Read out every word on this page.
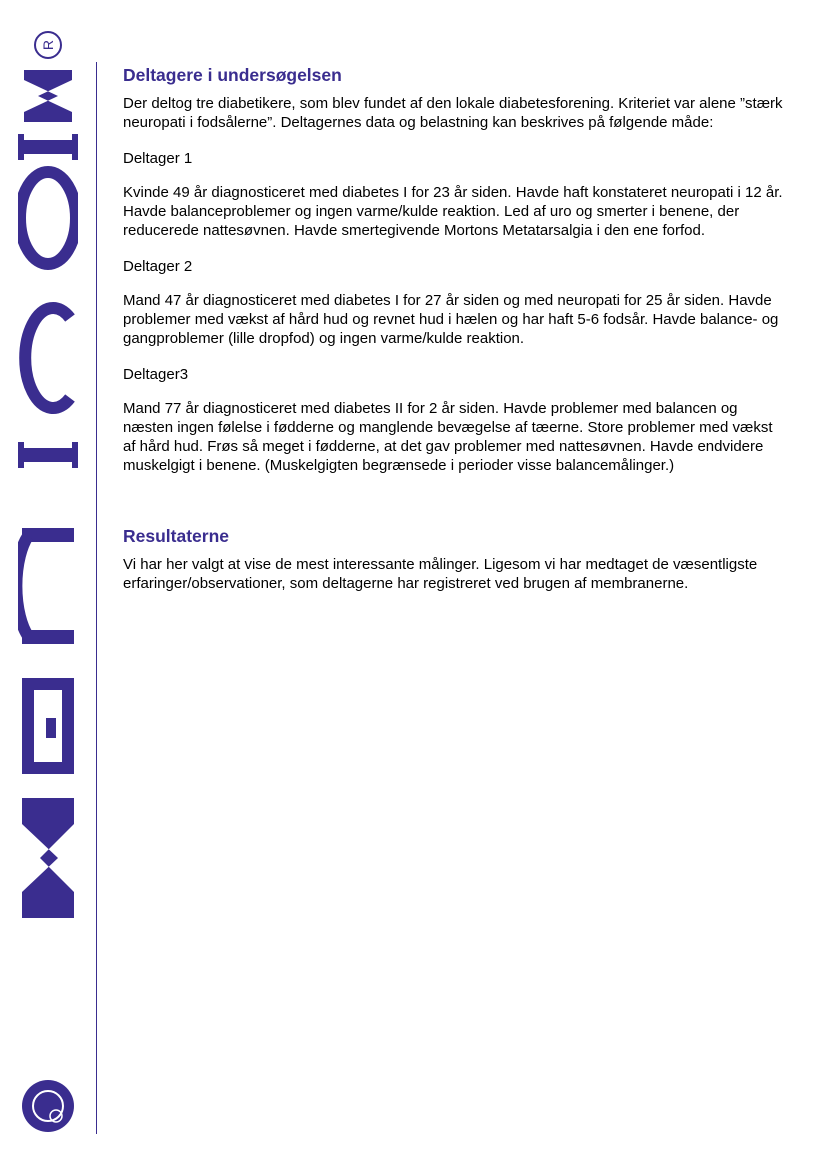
R
Deltagere i undersøgelsen

Der deltog tre diabetikere, som blev fundet af den lokale diabetesforening. Kriteriet var alene ”stærk neuropati i fodsålerne”. Deltagernes data og belastning kan beskrives på følgende måde:

Deltager 1

Kvinde 49 år diagnosticeret med diabetes I for 23 år siden. Havde haft konstateret neuropati i 12 år. Havde balanceproblemer og ingen varme/kulde reaktion. Led af uro og smerter i benene, der reducerede nattesøvnen. Havde smertegivende Mortons Metatarsalgia i den ene forfod.

Deltager 2

Mand 47 år diagnosticeret med diabetes I for 27 år siden og med neuropati for 25 år siden. Havde problemer med vækst af hård hud og revnet hud i hælen og har haft 5-6 fodsår. Havde balance- og gangproblemer (lille dropfod) og ingen varme/kulde reaktion.

Deltager3

Mand 77 år diagnosticeret med diabetes II for 2 år siden. Havde problemer med balancen og næsten ingen følelse i fødderne og manglende bevægelse af tæerne. Store problemer med vækst af hård hud. Frøs så meget i fødderne, at det gav problemer med nattesøvnen. Havde endvidere muskelgigt i benene. (Muskelgigten begrænsede i perioder visse balancemålinger.)

Resultaterne

Vi har her valgt at vise de mest interessante målinger. Ligesom vi har medtaget de væsentligste erfaringer/observationer, som deltagerne har registreret ved brugen af membranerne.
